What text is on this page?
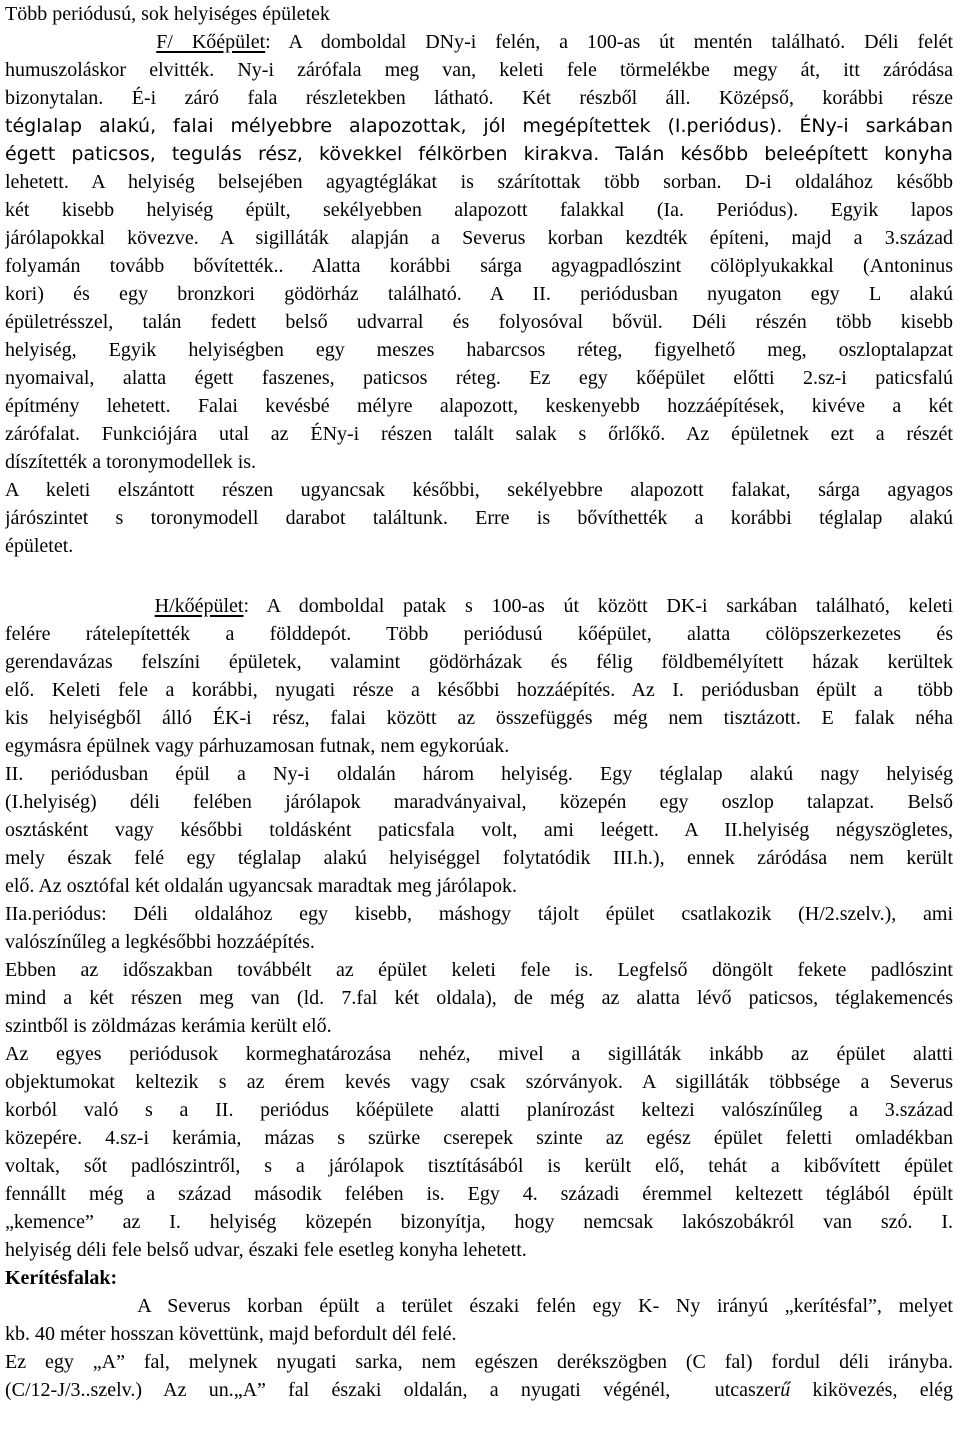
Több periódusú, sok helyiséges épületek
F/ Kőépület: A domboldal DNy-i felén, a 100-as út mentén található. Déli felét
humuszoláskor elvitték. Ny-i zárófala meg van, keleti fele törmelékbe megy át, itt záródása
bizonytalan. É-i záró fala részletekben látható. Két részből áll. Középső, korábbi része
téglalap alakú, falai mélyebbre alapozottak, jól megépítettek (I.periódus). ÉNy-i sarkában
égett paticsos, tegulás rész, kövekkel félkörben kirakva. Talán később beleépített konyha
lehetett. A helyiség belsejében agyagtéglákat is szárítottak több sorban. D-i oldalához később
két kisebb helyiség épült, sekélyebben alapozott falakkal (Ia. Periódus). Egyik lapos
járólapokkal kövezve. A sigilláták alapján a Severus korban kezdték építeni, majd a 3.század
folyamán tovább bővítették.. Alatta korábbi sárga agyagpadlószint cölöplyukakkal (Antoninus
kori) és egy bronzkori gödörház található. A II. periódusban nyugaton egy L alakú
épületrésszel, talán fedett belső udvarral és folyosóval bővül. Déli részén több kisebb
helyiség, Egyik helyiségben egy meszes habarcsos réteg, figyelhető meg, oszloptalapzat
nyomaival, alatta égett faszenes, paticsos réteg. Ez egy kőépület előtti 2.sz-i paticsfalú
építmény lehetett. Falai kevésbé mélyre alapozott, keskenyebb hozzáépítések, kivéve a két
zárófalat. Funkciójára utal az ÉNy-i részen talált salak s őrlőkő. Az épületnek ezt a részét
díszítették a toronymodellek is.
A keleti elszántott részen ugyancsak későbbi, sekélyebbre alapozott falakat, sárga agyagos
járószintet s toronymodell darabot találtunk. Erre is bővíthették a korábbi téglalap alakú
épületet.
H/kőépület: A domboldal patak s 100-as út között DK-i sarkában található, keleti
felére rátelepítették a földdepót. Több periódusú kőépület, alatta cölöpszerkezetes és
gerendavázas felszíni épületek, valamint gödörházak és félig földbemélyített házak kerültek
elő. Keleti fele a korábbi, nyugati része a későbbi hozzáépítés. Az I. periódusban épült a  több
kis helyiségből álló ÉK-i rész, falai között az összefüggés még nem tisztázott. E falak néha
egymásra épülnek vagy párhuzamosan futnak, nem egykorúak.
II. periódusban épül a Ny-i oldalán három helyiség. Egy téglalap alakú nagy helyiség
(I.helyiség) déli felében járólapok maradványaival, közepén egy oszlop talapzat. Belső
osztásként vagy későbbi toldásként paticsfala volt, ami leégett. A II.helyiség négyszögletes,
mely észak felé egy téglalap alakú helyiséggel folytatódik III.h.), ennek záródása nem került
elő. Az osztófal két oldalán ugyancsak maradtak meg járólapok.
IIa.periódus: Déli oldalához egy kisebb, máshogy tájolt épület csatlakozik (H/2.szelv.), ami
valószínűleg a legkésőbbi hozzáépítés.
Ebben az időszakban továbbélt az épület keleti fele is. Legfelső döngölt fekete padlószint
mind a két részen meg van (ld. 7.fal két oldala), de még az alatta lévő paticsos, téglakemencés
szintből is zöldmázas kerámia került elő.
Az egyes periódusok kormeghatározása nehéz, mivel a sigilláták inkább az épület alatti
objektumokat keltezik s az érem kevés vagy csak szórványok. A sigilláták többsége a Severus
korból való s a II. periódus kőépülete alatti planírozást keltezi valószínűleg a 3.század
közepére. 4.sz-i kerámia, mázas s szürke cserepek szinte az egész épület feletti omladékban
voltak, sőt padlószintről, s a járólapok tisztításából is került elő, tehát a kibővített épület
fennállt még a század második felében is. Egy 4. századi éremmel keltezett téglából épült
„kemence” az I. helyiség közepén bizonyítja, hogy nemcsak lakószobákról van szó. I.
helyiség déli fele belső udvar, északi fele esetleg konyha lehetett.
Kerítésfalak:
A Severus korban épült a terület északi felén egy K- Ny irányú „kerítésfal”, melyet
kb. 40 méter hosszan követtünk, majd befordult dél felé.
Ez egy „A” fal, melynek nyugati sarka, nem egészen derékszögben (C fal) fordul déli irányba.
(C/12-J/3..szelv.) Az un.„A” fal északi oldalán, a nyugati végénél,  utcaszerű kikövezés, elég
